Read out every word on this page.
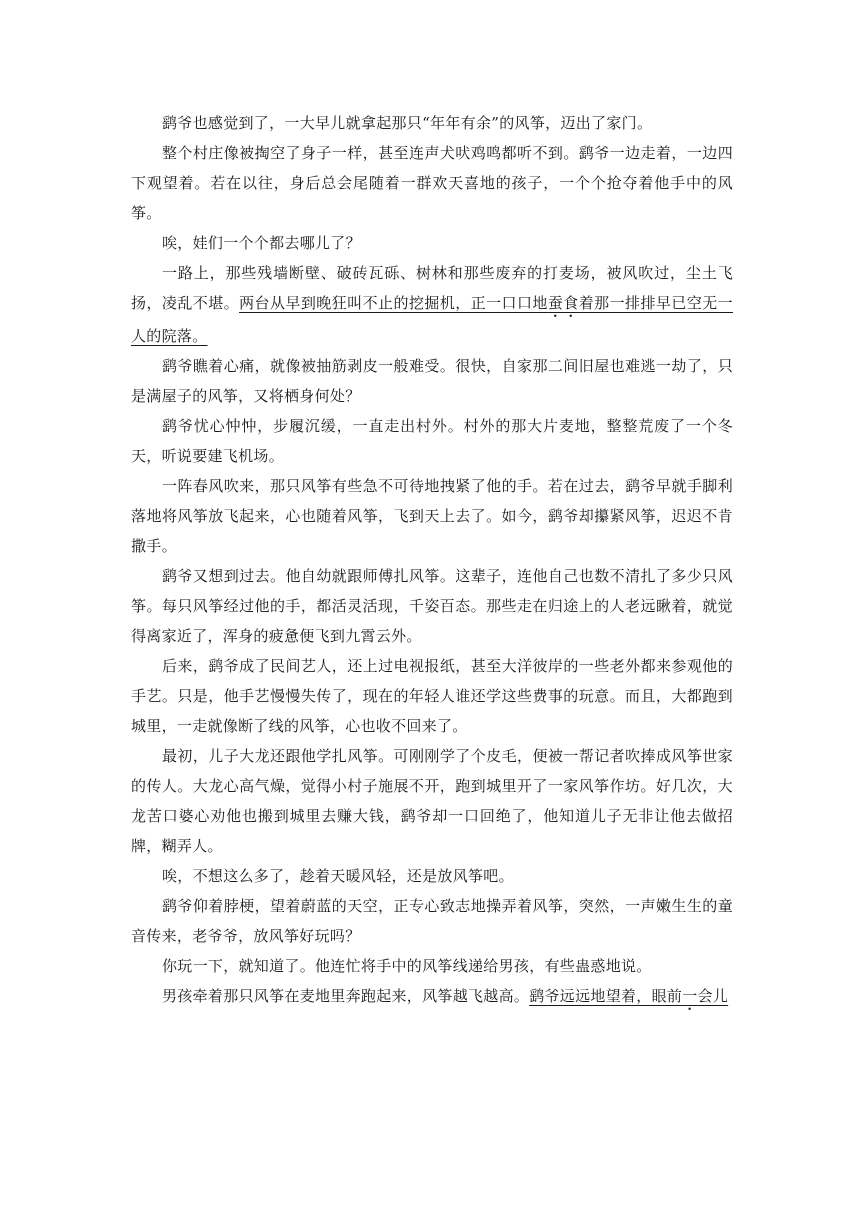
鹞爷也感觉到了，一大早儿就拿起那只“年年有余”的风筝，迈出了家门。

整个村庄像被掏空了身子一样，甚至连声犬吠鸡鸣都听不到。鹞爷一边走着，一边四下观望着。若在以往，身后总会尾随着一群欢天喜地的孩子，一个个抢夺着他手中的风筝。

唉，娃们一个个都去哪儿了？

一路上，那些残墙断壁、破砖瓦砾、树林和那些废弃的打麦场，被风吹过，尘土飞扬，凌乱不堪。两台从早到晚狂叫不止的挖掘机，正一口口地蚕食着那一排排早已空无一人的院落。

鹞爷瞧着心痛，就像被抽筋剥皮一般难受。很快，自家那二间旧屋也难逃一劫了，只是满屋子的风筝，又将栖身何处？

鹞爷忧心忡忡，步履沉缓，一直走出村外。村外的那大片麦地，整整荒废了一个冬天，听说要建飞机场。

一阵春风吹来，那只风筝有些急不可待地拽紧了他的手。若在过去，鹞爷早就手脚利落地将风筝放飞起来，心也随着风筝，飞到天上去了。如今，鹞爷却攥紧风筝，迟迟不肯撒手。

鹞爷又想到过去。他自幼就跟师傅扎风筝。这辈子，连他自己也数不清扎了多少只风筝。每只风筝经过他的手，都活灵活现，千姿百态。那些走在归途上的人老远瞅着，就觉得离家近了，浑身的疲惫便飞到九霄云外。

后来，鹞爷成了民间艺人，还上过电视报纸，甚至大洋彼岸的一些老外都来参观他的手艺。只是，他手艺慢慢失传了，现在的年轻人谁还学这些费事的玩意。而且，大都跑到城里，一走就像断了线的风筝，心也收不回来了。

最初，儿子大龙还跟他学扎风筝。可刚刚学了个皮毛，便被一帮记者吹捧成风筝世家的传人。大龙心高气燥，觉得小村子施展不开，跑到城里开了一家风筝作坊。好几次，大龙苦口婆心劝他也搬到城里去赚大钱，鹞爷却一口回绝了，他知道儿子无非让他去做招牌，糊弄人。

唉，不想这么多了，趁着天暖风轻，还是放风筝吧。

鹞爷仰着脖梗，望着蔚蓝的天空，正专心致志地操弄着风筝，突然，一声嫩生生的童音传来，老爷爷，放风筝好玩吗？

你玩一下，就知道了。他连忙将手中的风筝线递给男孩，有些蛊惑地说。

男孩牵着那只风筝在麦地里奔跑起来，风筝越飞越高。鹞爷远远地望着，眼前一会儿
